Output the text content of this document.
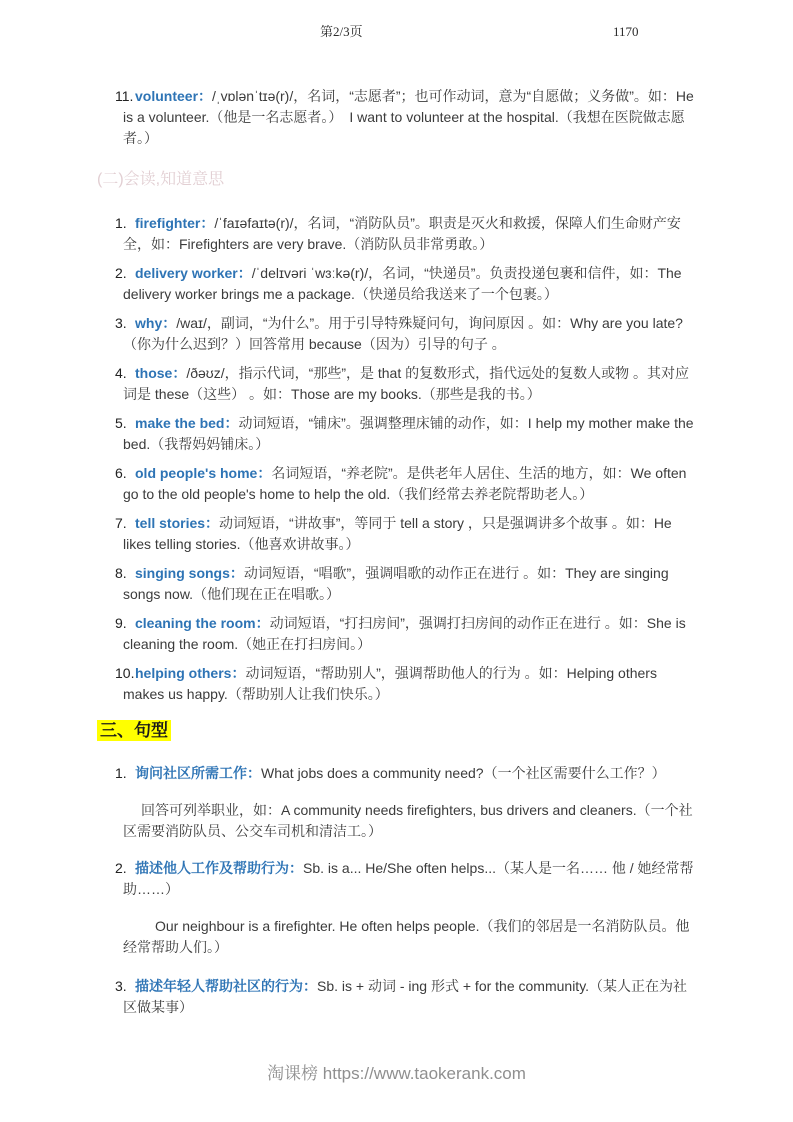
第2/3页	1170

11. volunteer：/ˌvɒlənˈtɪə(r)/，名词，“志愿者”；也可作动词，意为“自愿做；义务做”。如：He is a volunteer.（他是一名志愿者。）　I want to volunteer at the hospital.（我想在医院做志愿者。）

(二)会读,知道意思

1. firefighter：/ˈfaɪəfaɪtə(r)/，名词，“消防队员”。职责是灭火和救援，保障人们生命财产安全，如：Firefighters are very brave.（消防队员非常勇敢。）

2. delivery worker：/ˈdelɪvəri ˈwɜːkə(r)/，名词，“快递员”。负责投递包裹和信件，如：The delivery worker brings me a package.（快递员给我送来了一个包裹。）

3. why：/waɪ/，副词，“为什么”。用于引导特殊疑问句，询问原因 。如：Why are you late?（你为什么迟到？）回答常用 because（因为）引导的句子 。

4. those：/ðəʊz/，指示代词，“那些”，是 that 的复数形式，指代远处的复数人或物 。其对应词是 these（这些） 。如：Those are my books.（那些是我的书。）

5. make the bed：动词短语，“铺床”。强调整理床铺的动作，如：I help my mother make the bed.（我帮妈妈铺床。）

6. old people's home：名词短语，“养老院”。是供老年人居住、生活的地方，如：We often go to the old people's home to help the old.（我们经常去养老院帮助老人。）

7. tell stories：动词短语，“讲故事”，等同于 tell a story ，只是强调讲多个故事 。如：He likes telling stories.（他喜欢讲故事。）

8. singing songs：动词短语，“唱歌”，强调唱歌的动作正在进行 。如：They are singing songs now.（他们现在正在唱歌。）

9. cleaning the room：动词短语，“打扫房间”，强调打扫房间的动作正在进行 。如：She is cleaning the room.（她正在打扫房间。）

10.helping others：动词短语，“帮助别人”，强调帮助他人的行为 。如：Helping others makes us happy.（帮助别人让我们快乐。）

三、句型

1. 询问社区所需工作：What jobs does a community need?（一个社区需要什么工作？）

回答可列举职业，如：A community needs firefighters, bus drivers and cleaners.（一个社区需要消防队员、公交车司机和清洁工。）

2. 描述他人工作及帮助行为：Sb. is a... He/She often helps...（某人是一名…… 他 / 她经常帮助……）

Our neighbour is a firefighter. He often helps people.（我们的邻居是一名消防队员。他经常帮助人们。）

3. 描述年轻人帮助社区的行为：Sb. is + 动词 - ing 形式 + for the community.（某人正在为社区做某事）

淘课榜 https://www.taokerank.com
